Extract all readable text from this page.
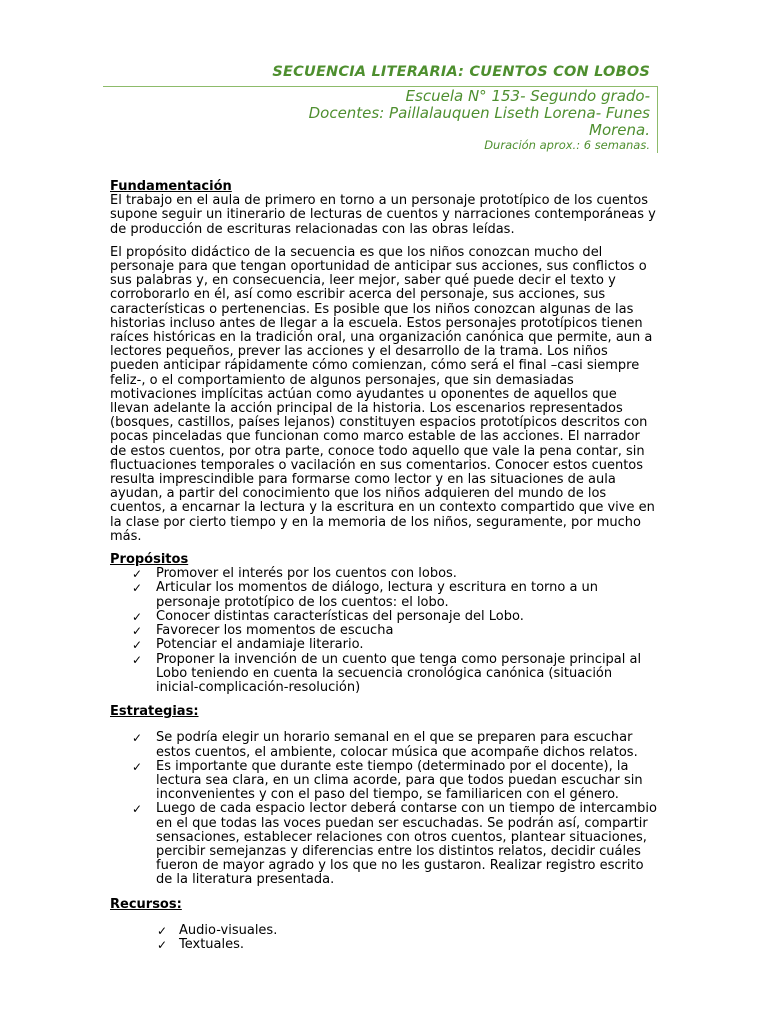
SECUENCIA LITERARIA: CUENTOS CON LOBOS
Escuela N° 153- Segundo grado-
Docentes: Paillalauquen Liseth Lorena- Funes
Morena.
Duración aprox.: 6 semanas.
Fundamentación

El trabajo en el aula de primero en torno a un personaje prototípico de los cuentos supone seguir un itinerario de lecturas de cuentos y narraciones contemporáneas y de producción de escrituras relacionadas con las obras leídas.

El propósito didáctico de la secuencia es que los niños conozcan mucho del personaje para que tengan oportunidad de anticipar sus acciones, sus conflictos o sus palabras y, en consecuencia, leer mejor, saber qué puede decir el texto y corroborarlo en él, así como escribir acerca del personaje, sus acciones, sus características o pertenencias. Es posible que los niños conozcan algunas de las historias incluso antes de llegar a la escuela. Estos personajes prototípicos tienen raíces históricas en la tradición oral, una organización canónica que permite, aun a lectores pequeños, prever las acciones y el desarrollo de la trama. Los niños pueden anticipar rápidamente cómo comienzan, cómo será el final –casi siempre feliz-, o el comportamiento de algunos personajes, que sin demasiadas motivaciones implícitas actúan como ayudantes u oponentes de aquellos que llevan adelante la acción principal de la historia. Los escenarios representados (bosques, castillos, países lejanos) constituyen espacios prototípicos descritos con pocas pinceladas que funcionan como marco estable de las acciones. El narrador de estos cuentos, por otra parte, conoce todo aquello que vale la pena contar, sin fluctuaciones temporales o vacilación en sus comentarios. Conocer estos cuentos resulta imprescindible para formarse como lector y en las situaciones de aula ayudan, a partir del conocimiento que los niños adquieren del mundo de los cuentos, a encarnar la lectura y la escritura en un contexto compartido que vive en la clase por cierto tiempo y en la memoria de los niños, seguramente, por mucho más.

Propósitos
✓ Promover el interés por los cuentos con lobos.
✓ Articular los momentos de diálogo, lectura y escritura en torno a un personaje prototípico de los cuentos: el lobo.
✓ Conocer distintas características del personaje del Lobo.
✓ Favorecer los momentos de escucha
✓ Potenciar el andamiaje literario.
✓ Proponer la invención de un cuento que tenga como personaje principal al Lobo teniendo en cuenta la secuencia cronológica canónica (situación inicial-complicación-resolución)
Estrategias:
✓ Se podría elegir un horario semanal en el que se preparen para escuchar estos cuentos, el ambiente, colocar música que acompañe dichos relatos.
✓ Es importante que durante este tiempo (determinado por el docente), la lectura sea clara, en un clima acorde, para que todos puedan escuchar sin inconvenientes y con el paso del tiempo, se familiaricen con el género.
✓ Luego de cada espacio lector deberá contarse con un tiempo de intercambio en el que todas las voces puedan ser escuchadas. Se podrán así, compartir sensaciones, establecer relaciones con otros cuentos, plantear situaciones, percibir semejanzas y diferencias entre los distintos relatos, decidir cuáles fueron de mayor agrado y los que no les gustaron. Realizar registro escrito de la literatura presentada.
Recursos:
✓ Audio-visuales.
✓ Textuales.
